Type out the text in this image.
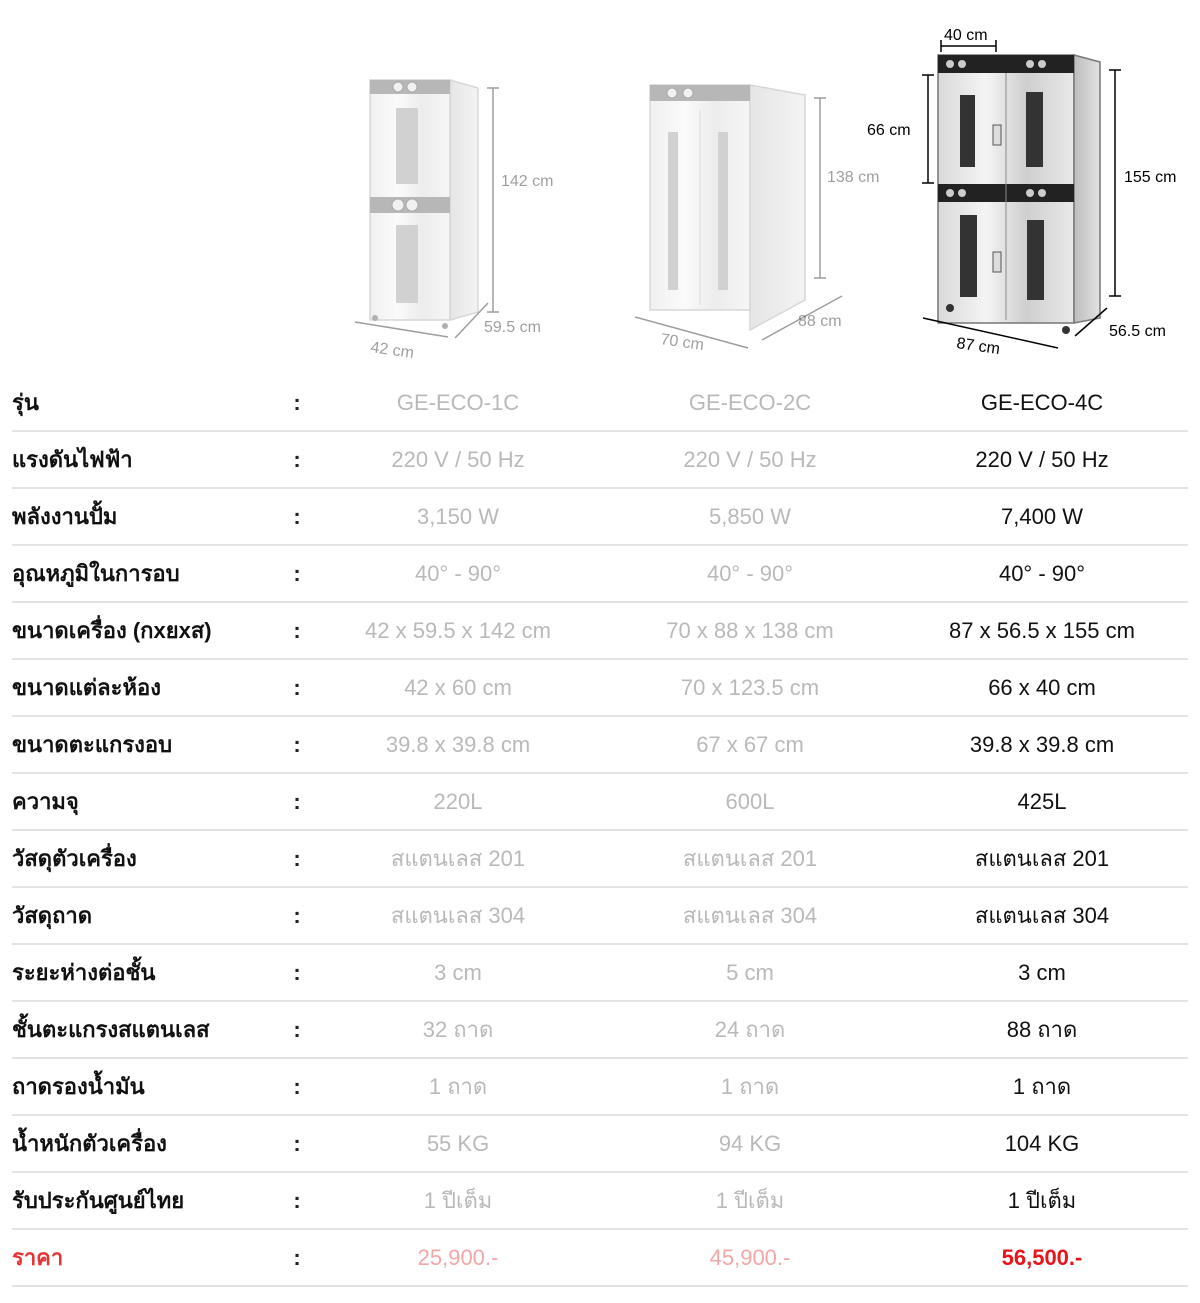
142 cm
59.5 cm
42 cm
138 cm
88 cm
70 cm
40 cm
66 cm
155 cm
56.5 cm
87 cm
รุ่น	:	GE-ECO-1C	GE-ECO-2C	GE-ECO-4C
แรงดันไฟฟ้า	:	220 V / 50 Hz	220 V / 50 Hz	220 V / 50 Hz
พลังงานปั้ม	:	3,150 W	5,850 W	7,400 W
อุณหภูมิในการอบ	:	40° - 90°	40° - 90°	40° - 90°
ขนาดเครื่อง (กxยxส)	:	42 x 59.5 x 142 cm	70 x 88 x 138 cm	87 x 56.5 x 155 cm
ขนาดแต่ละห้อง	:	42 x 60 cm	70 x 123.5 cm	66 x 40 cm
ขนาดตะแกรงอบ	:	39.8 x 39.8 cm	67 x 67 cm	39.8 x 39.8 cm
ความจุ	:	220L	600L	425L
วัสดุตัวเครื่อง	:	สแตนเลส 201	สแตนเลส 201	สแตนเลส 201
วัสดุถาด	:	สแตนเลส 304	สแตนเลส 304	สแตนเลส 304
ระยะห่างต่อชั้น	:	3 cm	5 cm	3 cm
ชั้นตะแกรงสแตนเลส	:	32 ถาด	24 ถาด	88 ถาด
ถาดรองน้ำมัน	:	1 ถาด	1 ถาด	1 ถาด
น้ำหนักตัวเครื่อง	:	55 KG	94 KG	104 KG
รับประกันศูนย์ไทย	:	1 ปีเต็ม	1 ปีเต็ม	1 ปีเต็ม
ราคา	:	25,900.-	45,900.-	56,500.-
